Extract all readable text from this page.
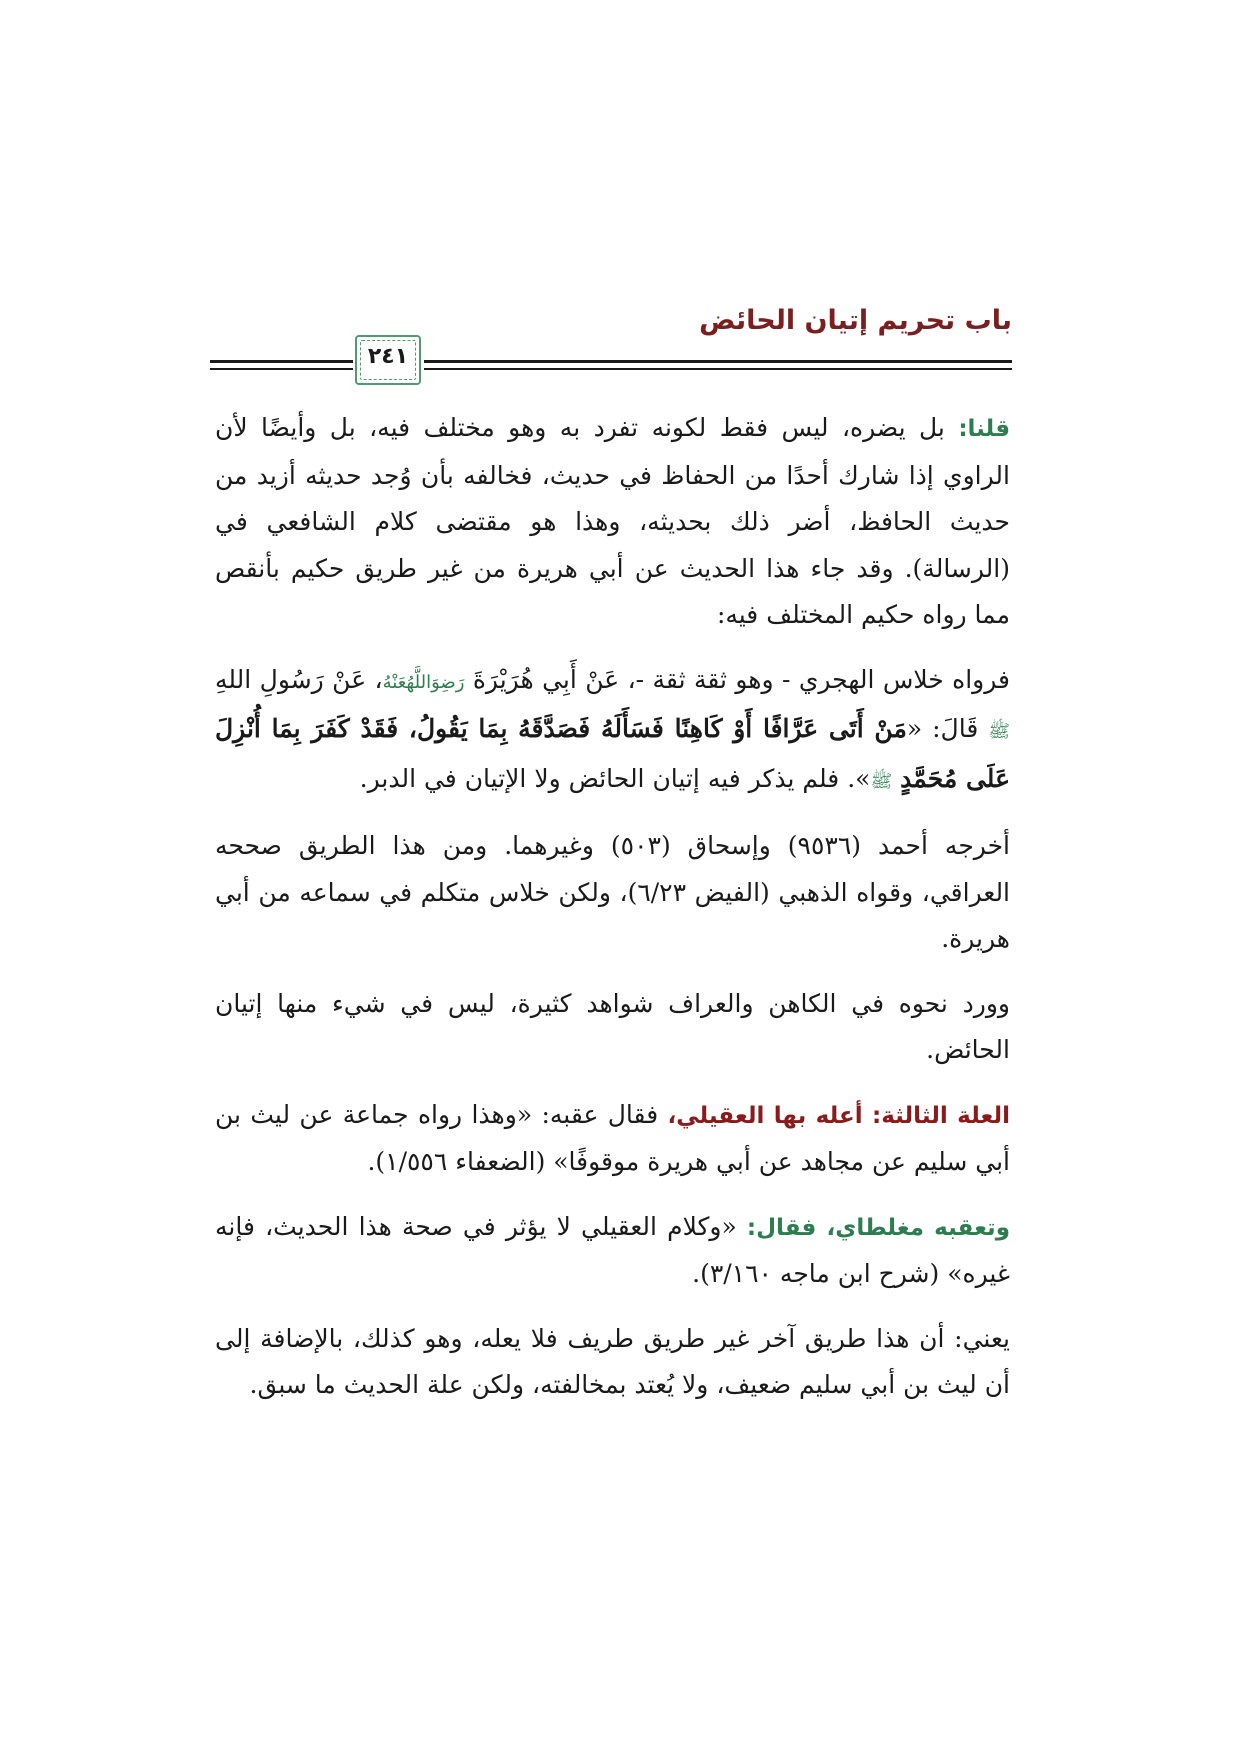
باب تحريم إتيان الحائض
٢٤١

قلنا: بل يضره، ليس فقط لكونه تفرد به وهو مختلف فيه، بل وأيضًا لأن الراوي إذا شارك أحدًا من الحفاظ في حديث، فخالفه بأن وُجد حديثه أزيد من حديث الحافظ، أضر ذلك بحديثه، وهذا هو مقتضى كلام الشافعي في (الرسالة). وقد جاء هذا الحديث عن أبي هريرة من غير طريق حكيم بأنقص مما رواه حكيم المختلف فيه:

فرواه خلاس الهجري - وهو ثقة ثقة -، عَنْ أَبِي هُرَيْرَةَ رَضِوَاللَّهُعَنْهُ، عَنْ رَسُولِ اللهِ ﷺ قَالَ: «مَنْ أَتَى عَرَّافًا أَوْ كَاهِنًا فَسَأَلَهُ فَصَدَّقَهُ بِمَا يَقُولُ، فَقَدْ كَفَرَ بِمَا أُنْزِلَ عَلَى مُحَمَّدٍ ﷺ». فلم يذكر فيه إتيان الحائض ولا الإتيان في الدبر.

أخرجه أحمد (٩٥٣٦) وإسحاق (٥٠٣) وغيرهما. ومن هذا الطريق صححه العراقي، وقواه الذهبي (الفيض ٦/٢٣)، ولكن خلاس متكلم في سماعه من أبي هريرة.

وورد نحوه في الكاهن والعراف شواهد كثيرة، ليس في شيء منها إتيان الحائض.

العلة الثالثة: أعله بها العقيلي، فقال عقبه: «وهذا رواه جماعة عن ليث بن أبي سليم عن مجاهد عن أبي هريرة موقوفًا» (الضعفاء ١/٥٥٦).

وتعقبه مغلطاي، فقال: «وكلام العقيلي لا يؤثر في صحة هذا الحديث، فإنه غيره» (شرح ابن ماجه ٣/١٦٠).

يعني: أن هذا طريق آخر غير طريق طريف فلا يعله، وهو كذلك، بالإضافة إلى أن ليث بن أبي سليم ضعيف، ولا يُعتد بمخالفته، ولكن علة الحديث ما سبق.
